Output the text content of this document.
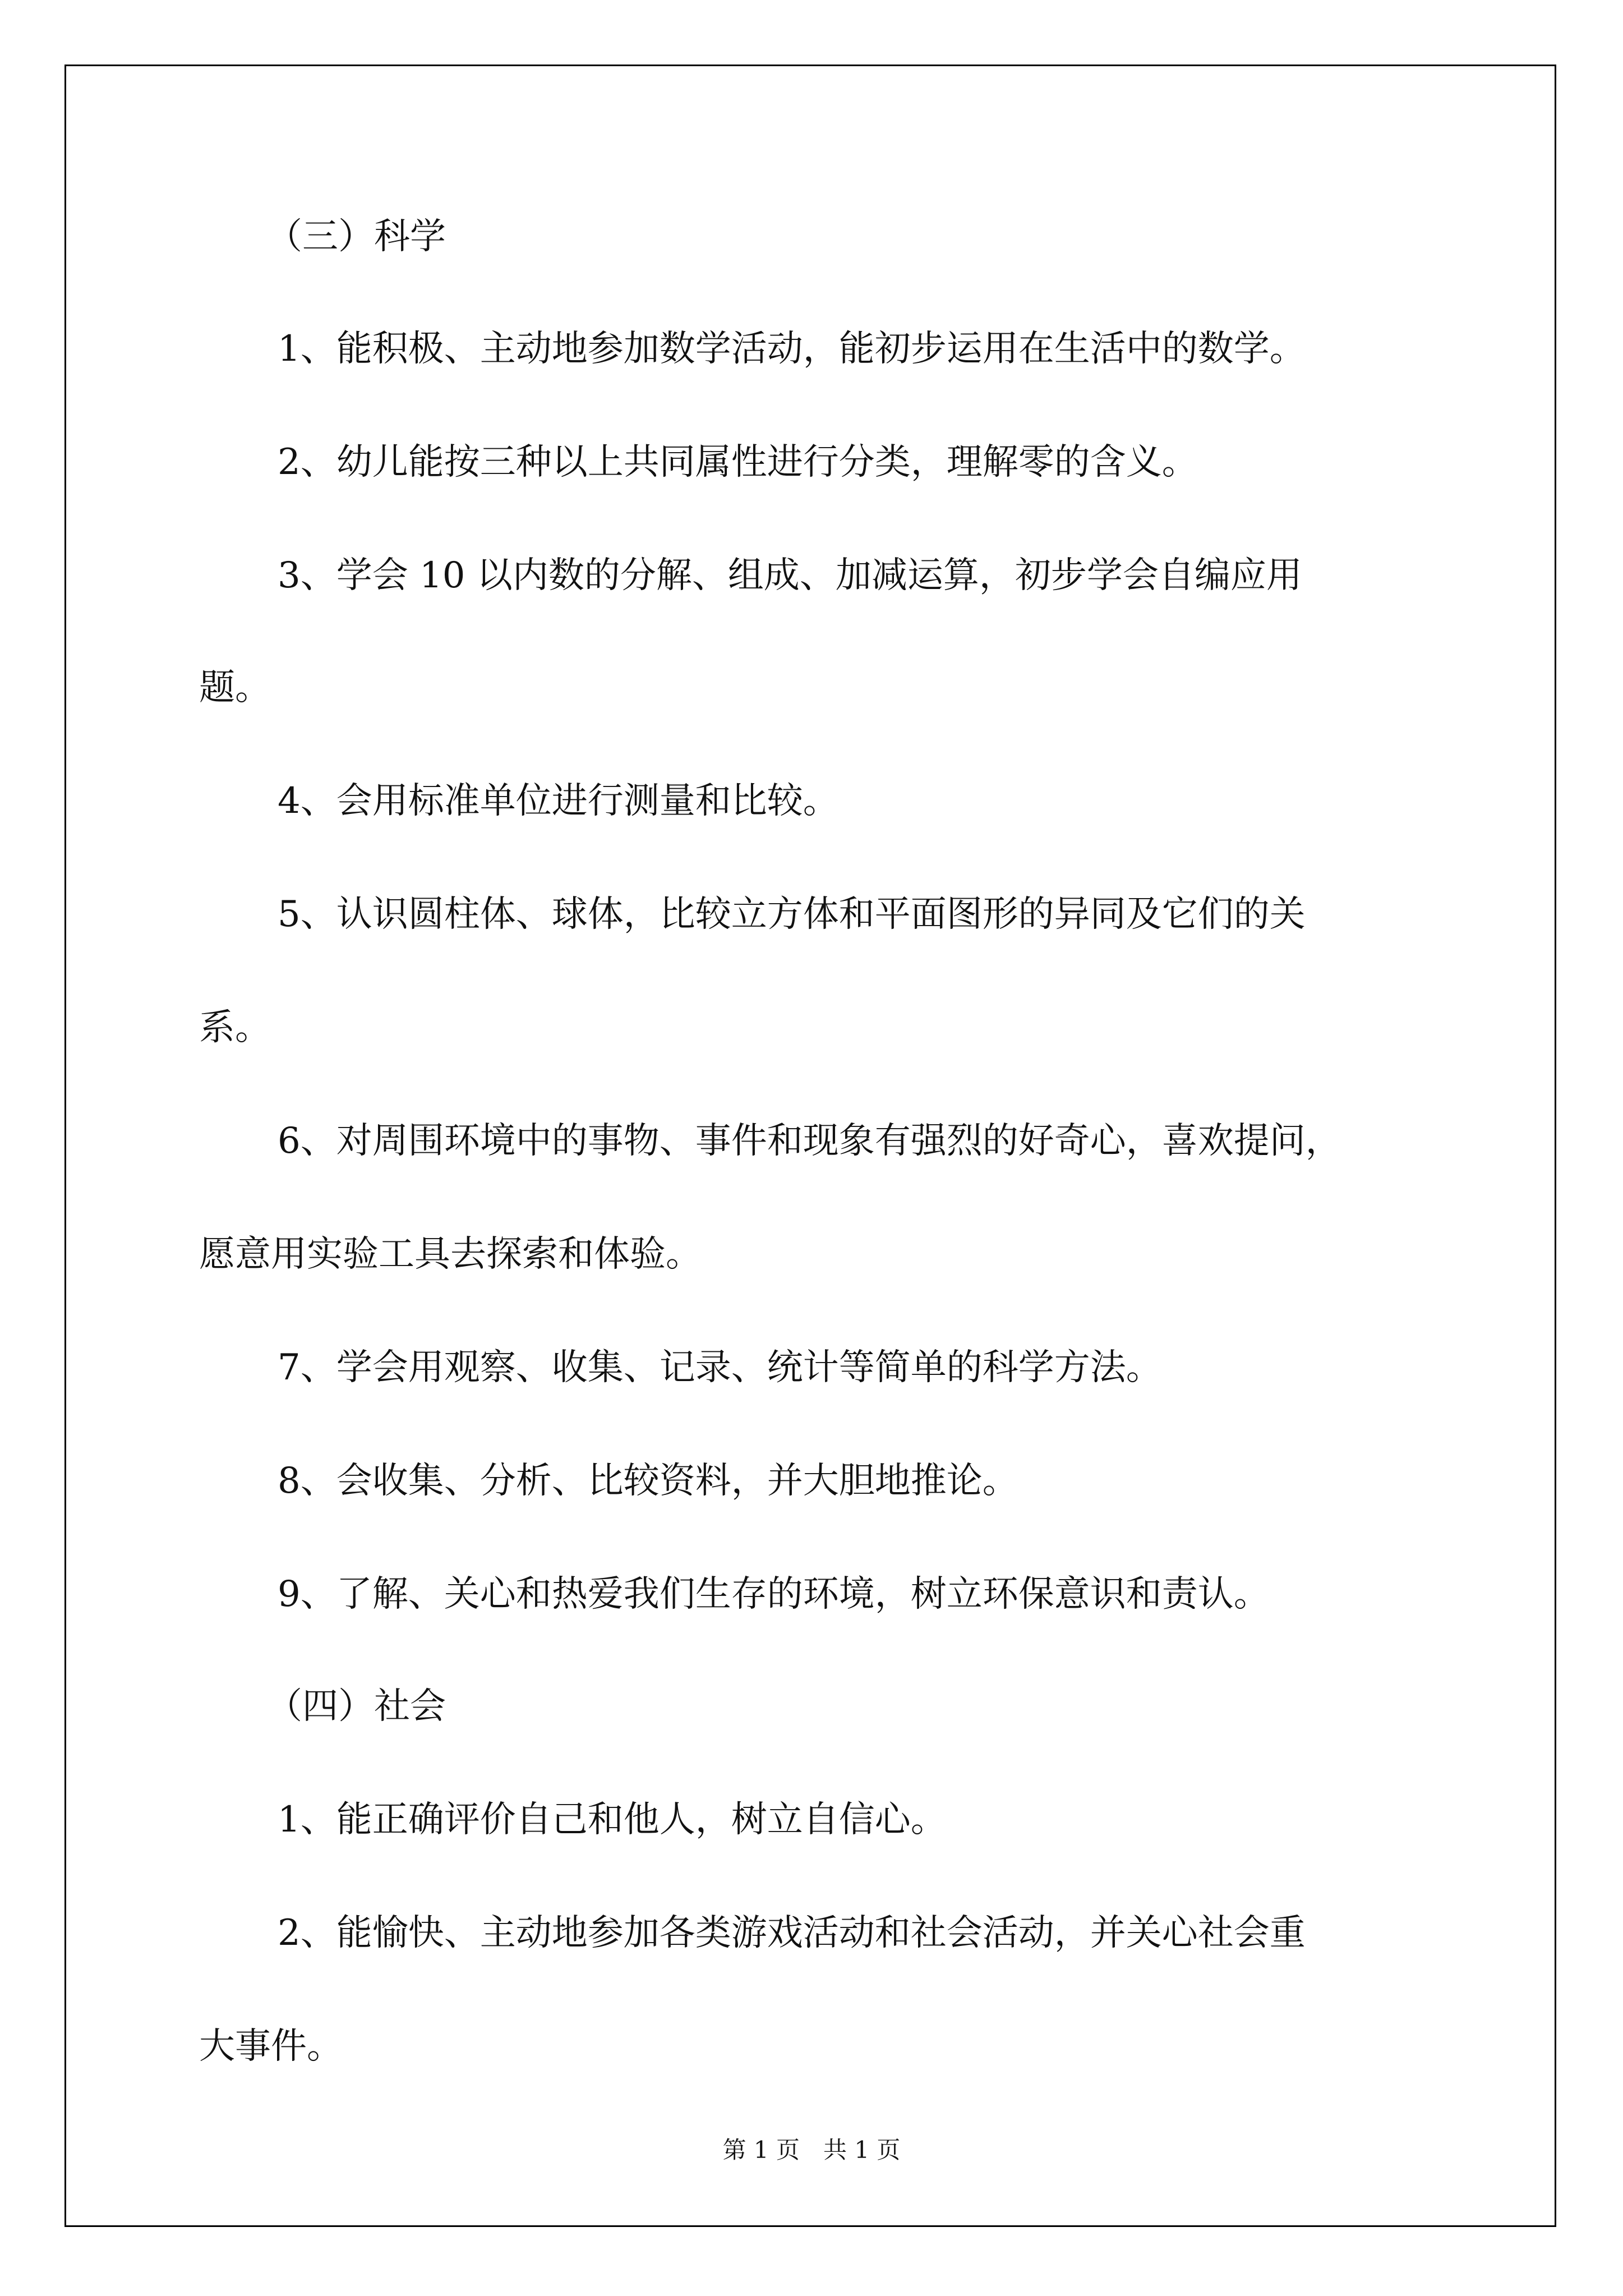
（三）科学
1、能积极、主动地参加数学活动，能初步运用在生活中的数学。
2、幼儿能按三种以上共同属性进行分类，理解零的含义。
3、学会 10 以内数的分解、组成、加减运算，初步学会自编应用
题。
4、会用标准单位进行测量和比较。
5、认识圆柱体、球体，比较立方体和平面图形的异同及它们的关
系。
6、对周围环境中的事物、事件和现象有强烈的好奇心，喜欢提问，
愿意用实验工具去探索和体验。
7、学会用观察、收集、记录、统计等简单的科学方法。
8、会收集、分析、比较资料，并大胆地推论。
9、了解、关心和热爱我们生存的环境，树立环保意识和责认。
（四）社会
1、能正确评价自己和他人，树立自信心。
2、能愉快、主动地参加各类游戏活动和社会活动，并关心社会重
大事件。
第 1 页　共 1 页
